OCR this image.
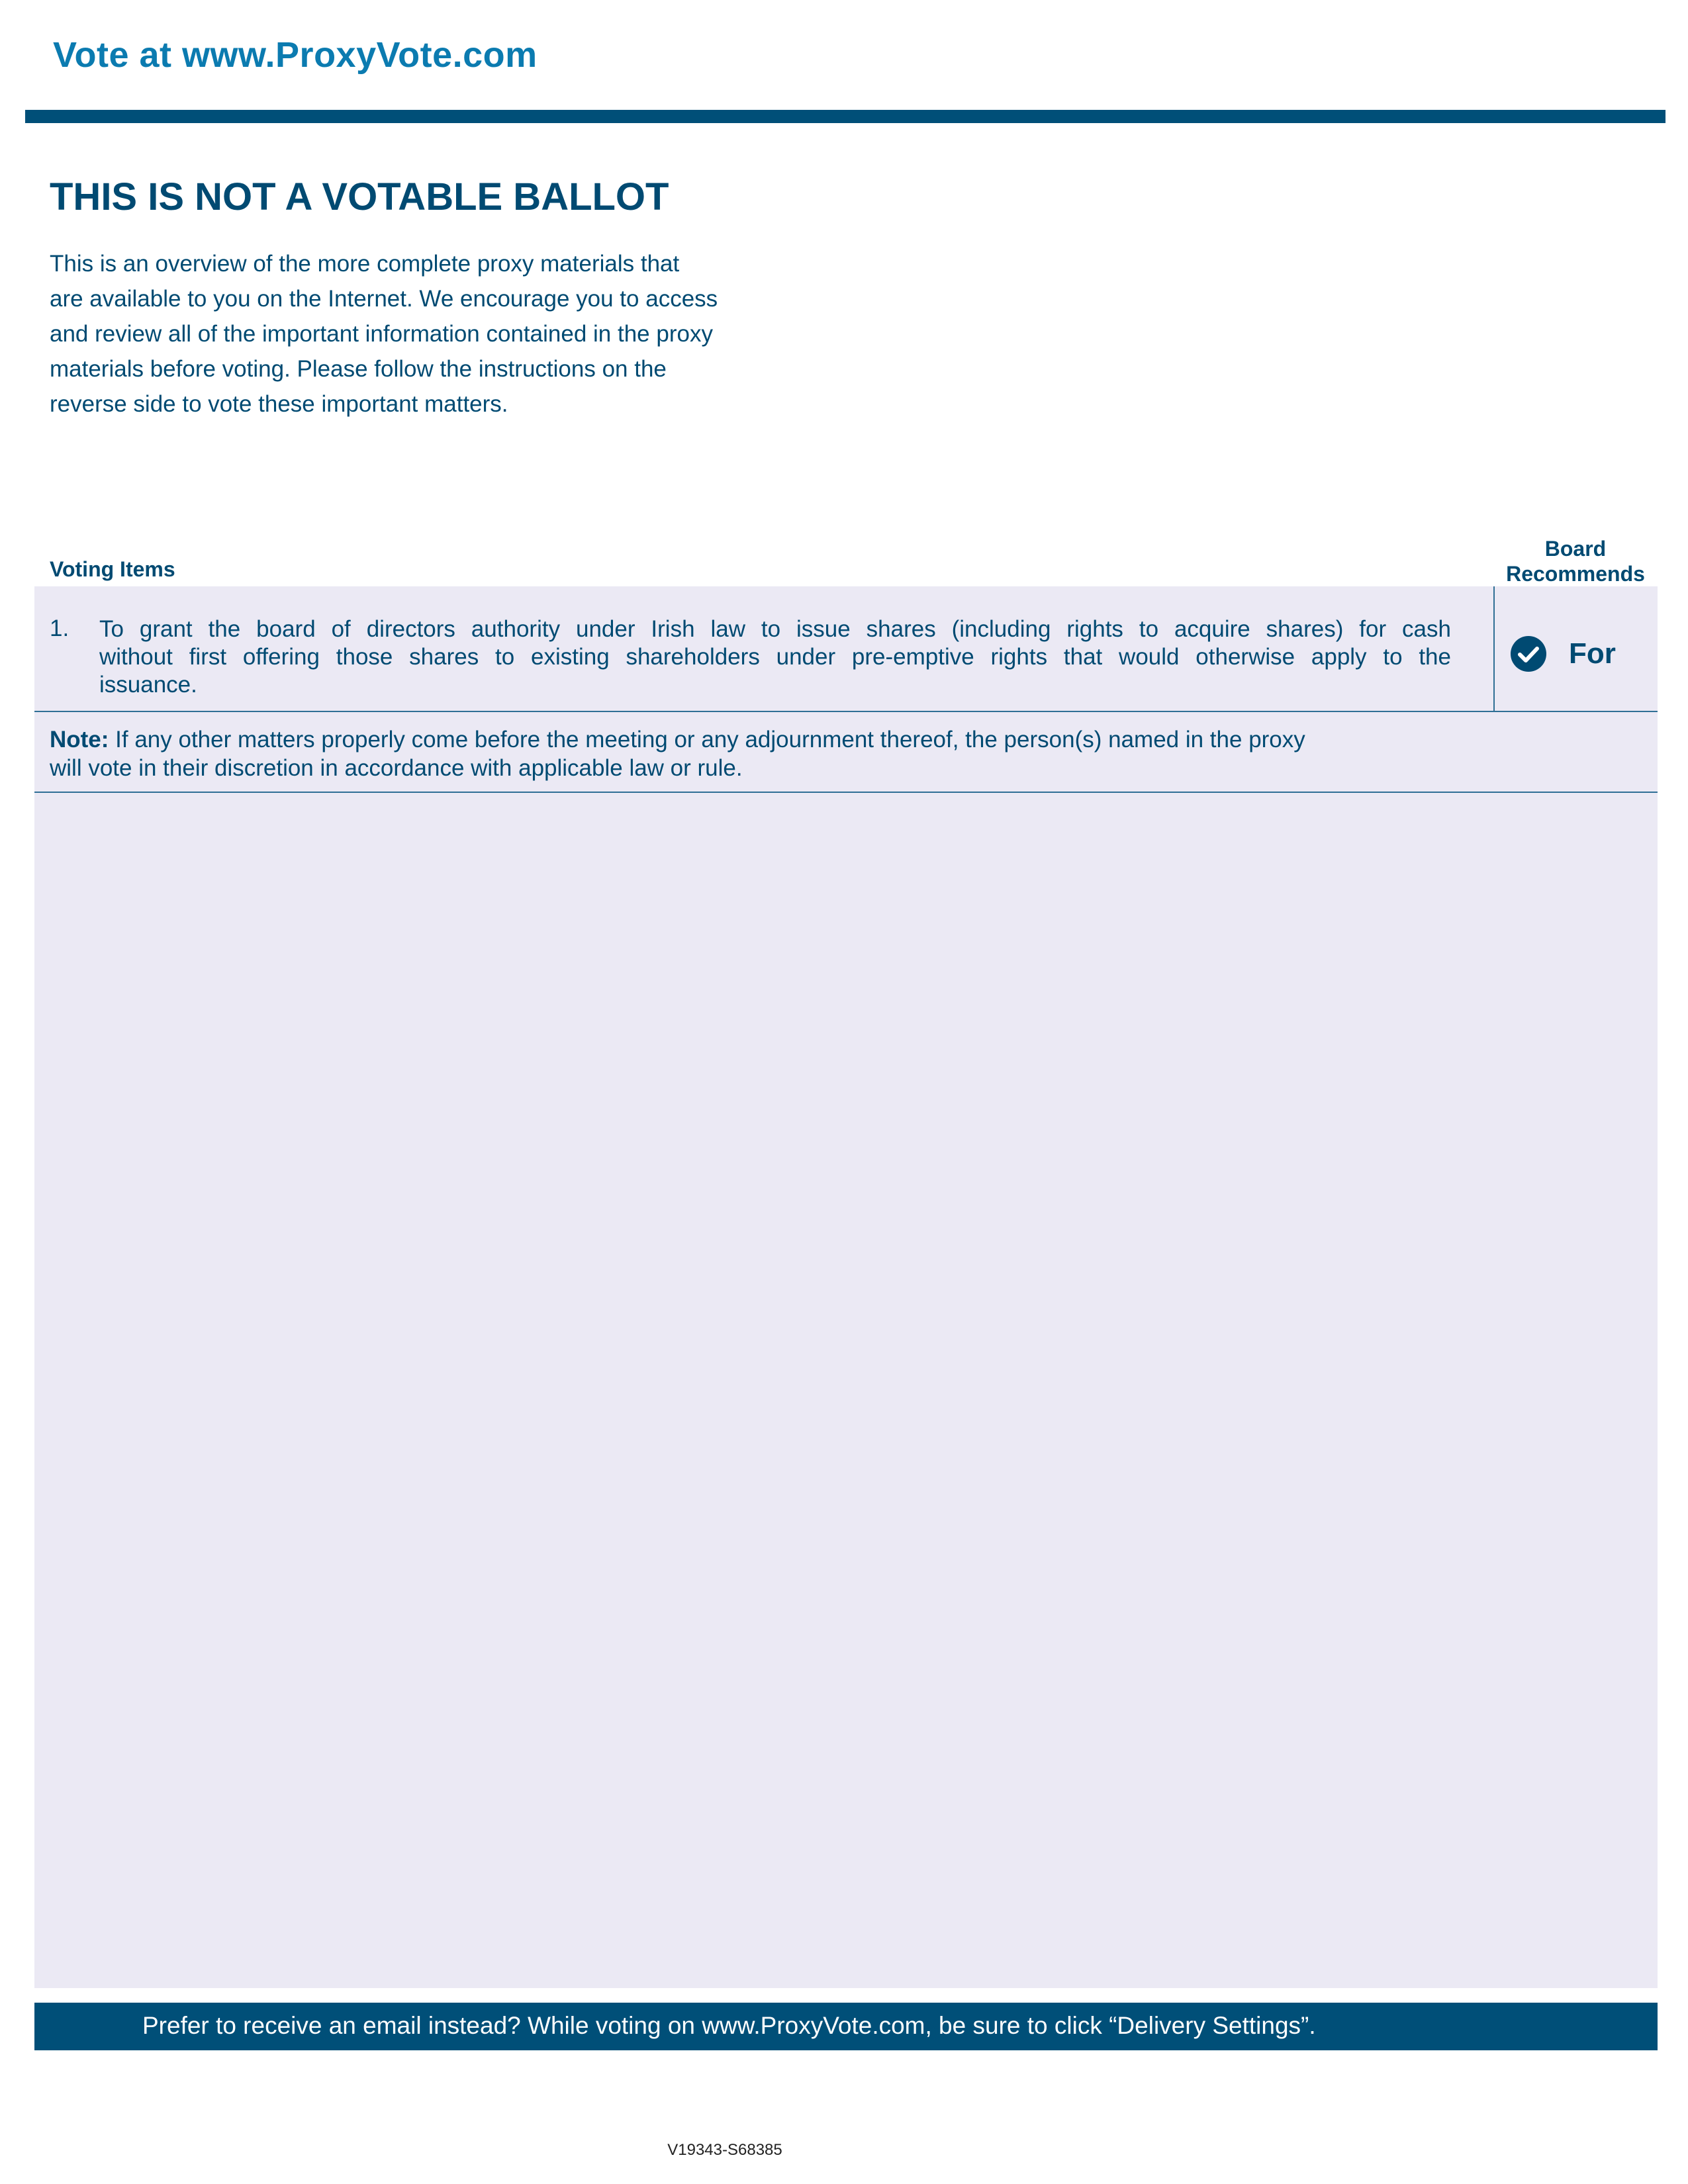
Vote at www.ProxyVote.com
THIS IS NOT A VOTABLE BALLOT
This is an overview of the more complete proxy materials that
are available to you on the Internet. We encourage you to access
and review all of the important information contained in the proxy
materials before voting. Please follow the instructions on the
reverse side to vote these important matters.
Voting Items
Board
Recommends
1. To grant the board of directors authority under Irish law to issue shares (including rights to acquire shares) for cash
without first offering those shares to existing shareholders under pre-emptive rights that would otherwise apply to the
issuance.
For
Note: If any other matters properly come before the meeting or any adjournment thereof, the person(s) named in the proxy
will vote in their discretion in accordance with applicable law or rule.
Prefer to receive an email instead? While voting on www.ProxyVote.com, be sure to click “Delivery Settings”.
V19343-S68385
